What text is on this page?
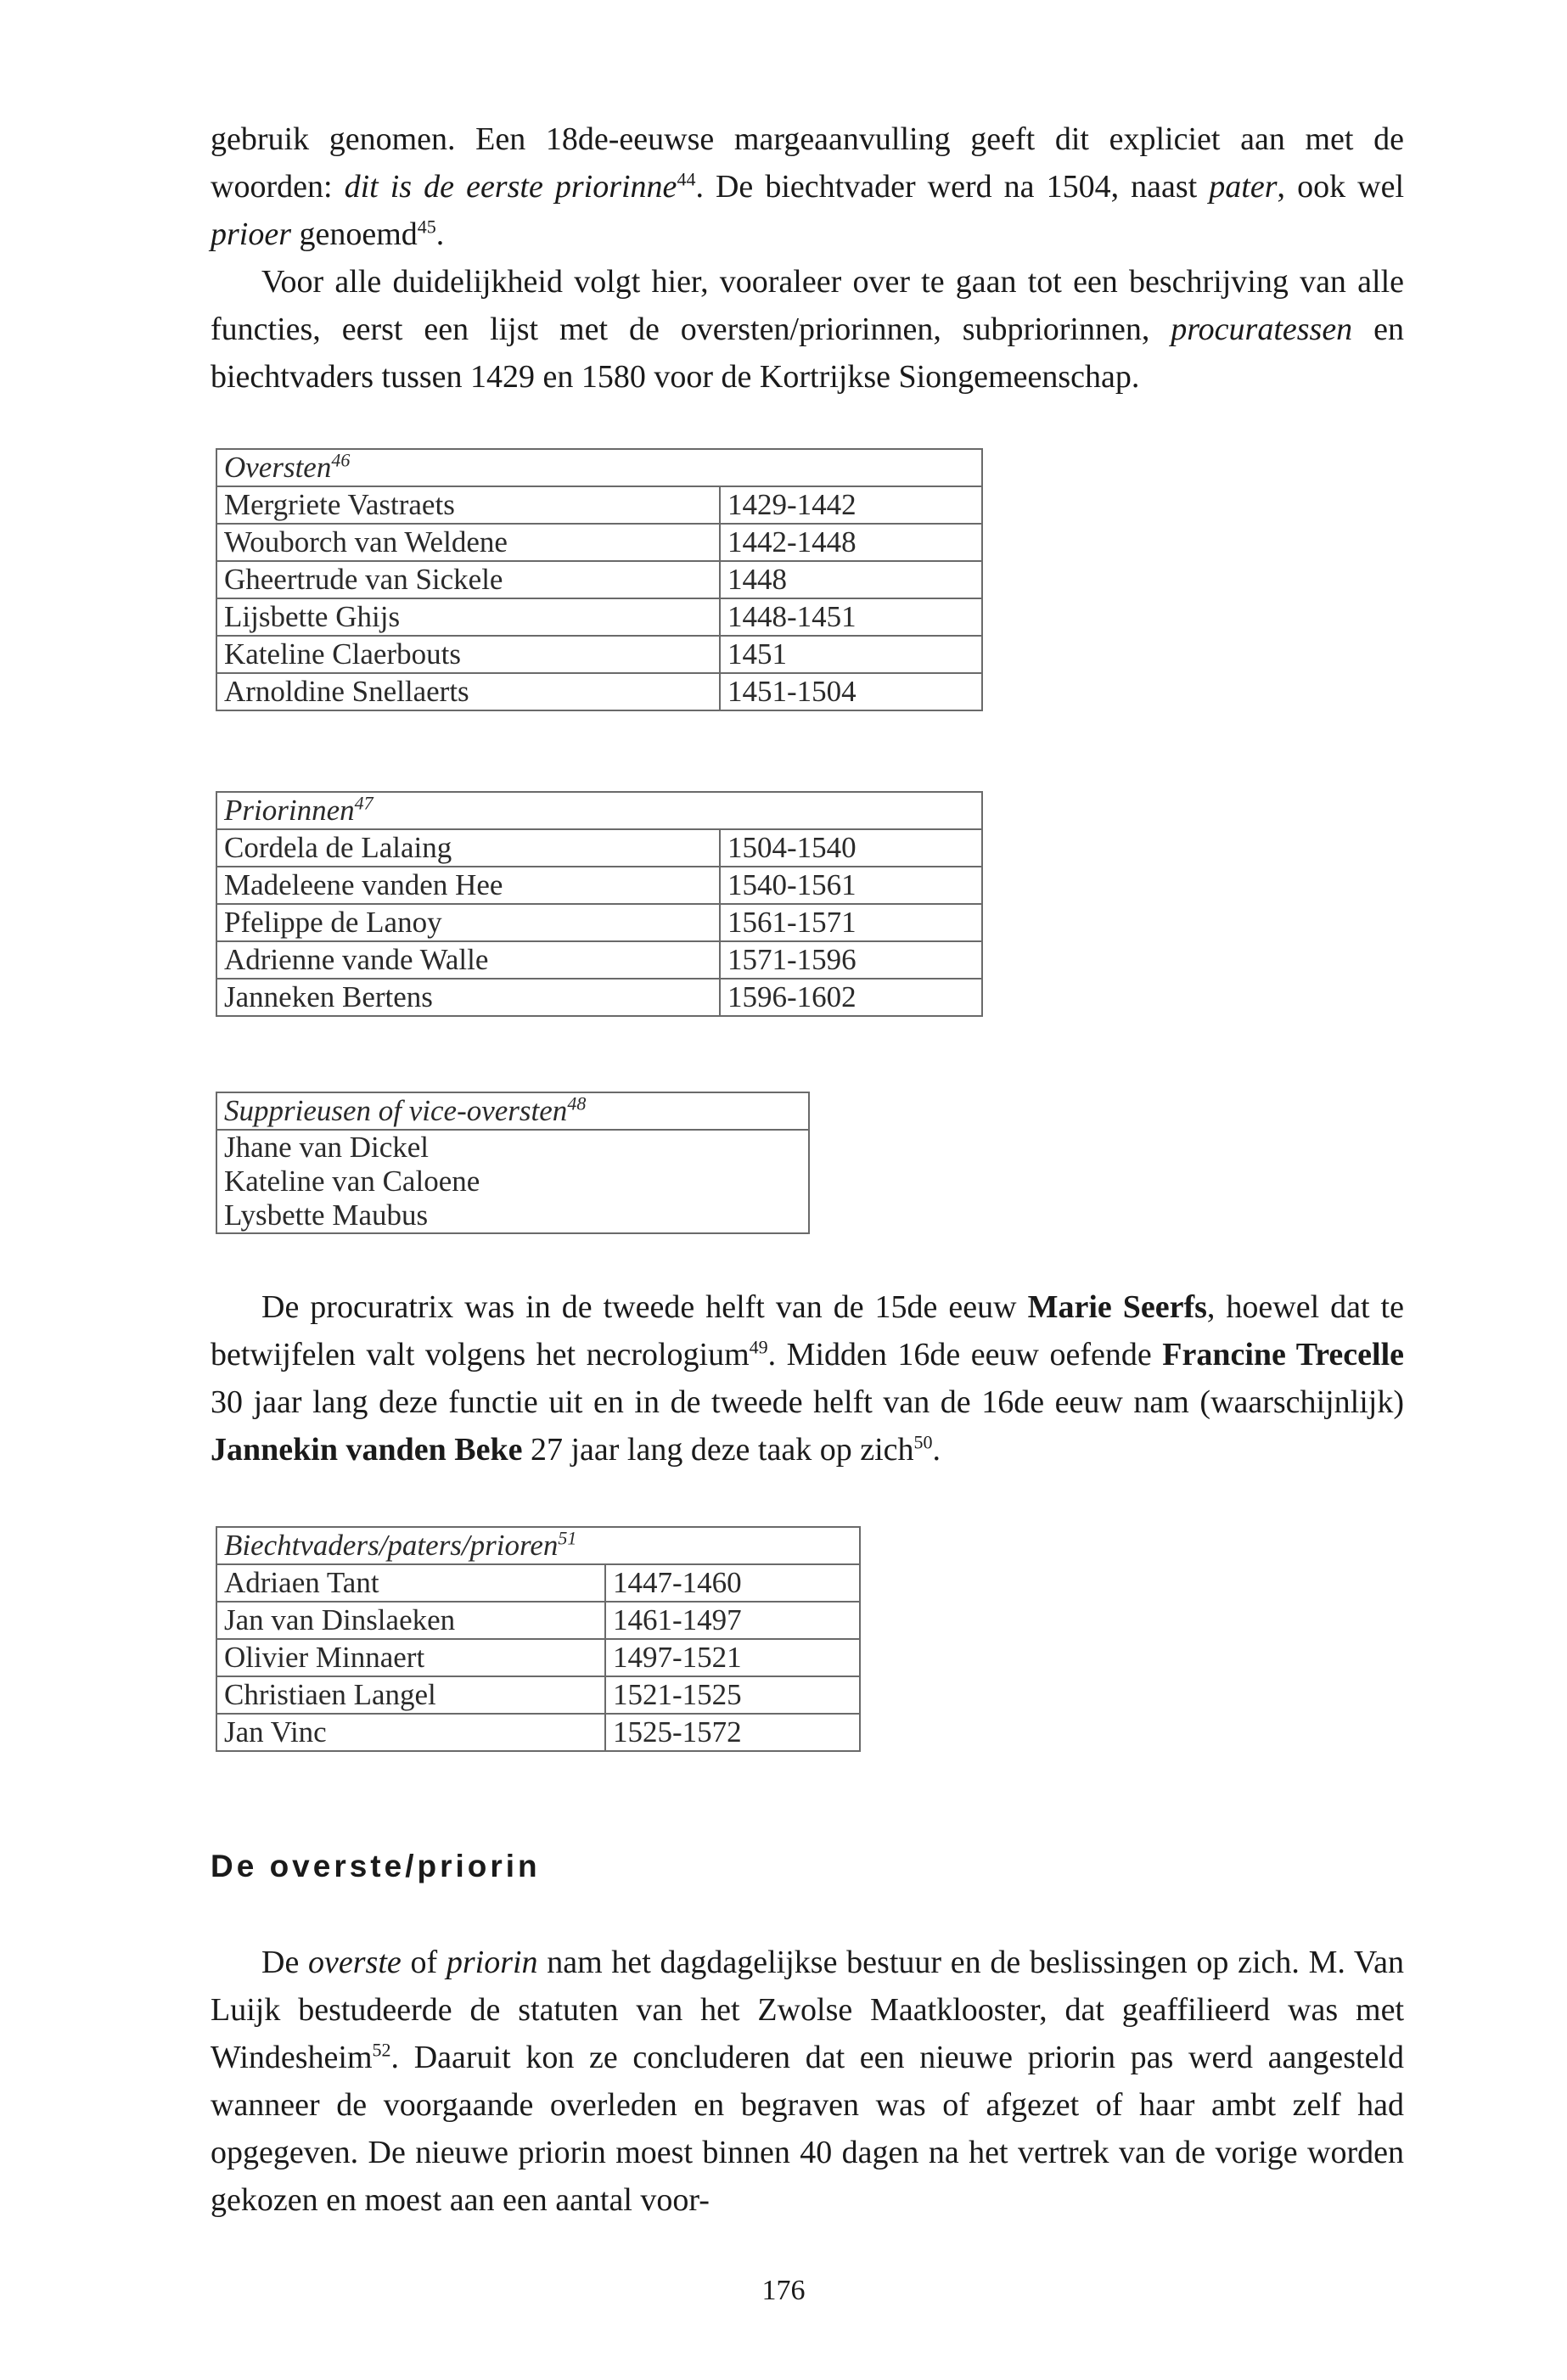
gebruik genomen. Een 18de-eeuwse margeaanvulling geeft dit expliciet aan met de woorden: dit is de eerste priorinne$^{44}$. De biechtvader werd na 1504, naast pater, ook wel prioer genoemd$^{45}$.

Voor alle duidelijkheid volgt hier, vooraleer over te gaan tot een beschrijving van alle functies, eerst een lijst met de oversten/priorinnen, subpriorinnen, procuratessen en biechtvaders tussen 1429 en 1580 voor de Kortrijkse Siongemeenschap.

Oversten$^{46}$
Mergriete Vastraets	1429-1442
Wouborch van Weldene	1442-1448
Gheertrude van Sickele	1448
Lijsbette Ghijs	1448-1451
Kateline Claerbouts	1451
Arnoldine Snellaerts	1451-1504
Priorinnen$^{47}$
Cordela de Lalaing	1504-1540
Madeleene vanden Hee	1540-1561
Pfelippe de Lanoy	1561-1571
Adrienne vande Walle	1571-1596
Janneken Bertens	1596-1602
Supprieusen of vice-oversten$^{48}$
Jhane van Dickel
Kateline van Caloene
Lysbette Maubus

De procuratrix was in de tweede helft van de 15de eeuw Marie Seerfs, hoewel dat te betwijfelen valt volgens het necrologium$^{49}$. Midden 16de eeuw oefende Francine Trecelle 30 jaar lang deze functie uit en in de tweede helft van de 16de eeuw nam (waarschijnlijk) Jannekin vanden Beke 27 jaar lang deze taak op zich$^{50}$.

Biechtvaders/paters/prioren$^{51}$
Adriaen Tant	1447-1460
Jan van Dinslaeken	1461-1497
Olivier Minnaert	1497-1521
Christiaen Langel	1521-1525
Jan Vinc	1525-1572
De overste/priorin

De overste of priorin nam het dagdagelijkse bestuur en de beslissingen op zich. M. Van Luijk bestudeerde de statuten van het Zwolse Maatklooster, dat geaffilieerd was met Windesheim$^{52}$. Daaruit kon ze concluderen dat een nieuwe priorin pas werd aangesteld wanneer de voorgaande overleden en begraven was of afgezet of haar ambt zelf had opgegeven. De nieuwe priorin moest binnen 40 dagen na het vertrek van de vorige worden gekozen en moest aan een aantal voor-

176
